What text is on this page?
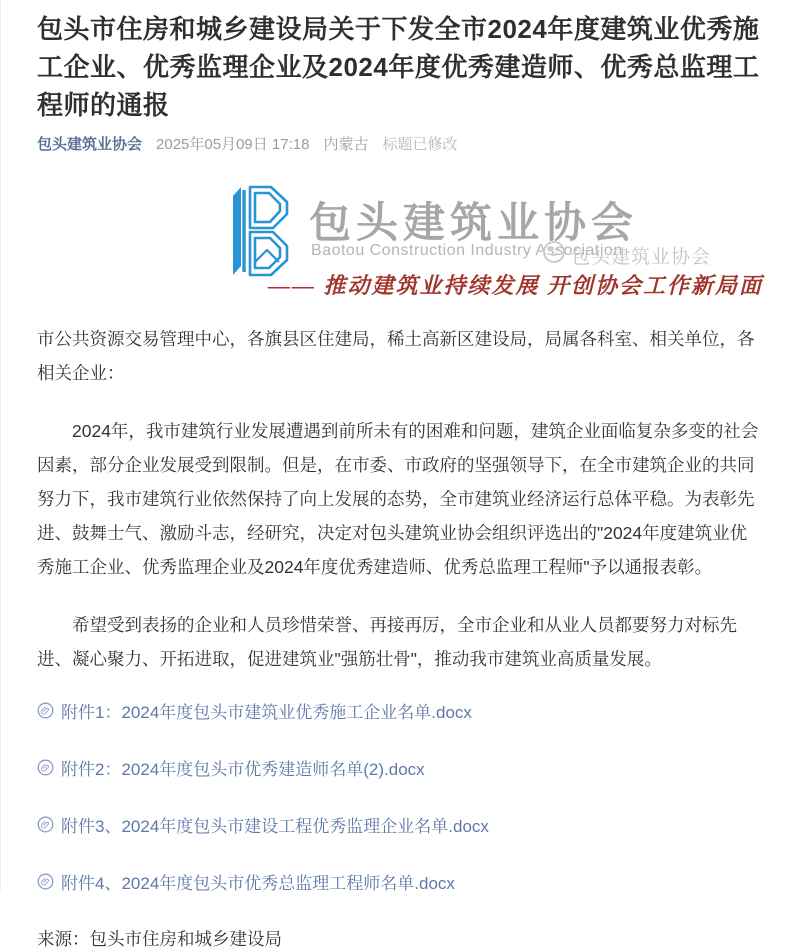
包头市住房和城乡建设局关于下发全市2024年度建筑业优秀施工企业、优秀监理企业及2024年度优秀建造师、优秀总监理工程师的通报
包头建筑业协会 2025年05月09日 17:18 内蒙古 标题已修改
包头建筑业协会
Baotou Construction Industry Association
包头建筑业协会
—— 推动建筑业持续发展 开创协会工作新局面

市公共资源交易管理中心，各旗县区住建局，稀土高新区建设局，局属各科室、相关单位，各相关企业：

2024年，我市建筑行业发展遭遇到前所未有的困难和问题，建筑企业面临复杂多变的社会因素，部分企业发展受到限制。但是，在市委、市政府的坚强领导下，在全市建筑企业的共同努力下，我市建筑行业依然保持了向上发展的态势，全市建筑业经济运行总体平稳。为表彰先进、鼓舞士气、激励斗志，经研究，决定对包头建筑业协会组织评选出的"2024年度建筑业优秀施工企业、优秀监理企业及2024年度优秀建造师、优秀总监理工程师"予以通报表彰。

希望受到表扬的企业和人员珍惜荣誉、再接再厉，全市企业和从业人员都要努力对标先进、凝心聚力、开拓进取，促进建筑业"强筋壮骨"，推动我市建筑业高质量发展。

附件1：2024年度包头市建筑业优秀施工企业名单.docx
附件2：2024年度包头市优秀建造师名单(2).docx
附件3、2024年度包头市建设工程优秀监理企业名单.docx
附件4、2024年度包头市优秀总监理工程师名单.docx

来源：包头市住房和城乡建设局
